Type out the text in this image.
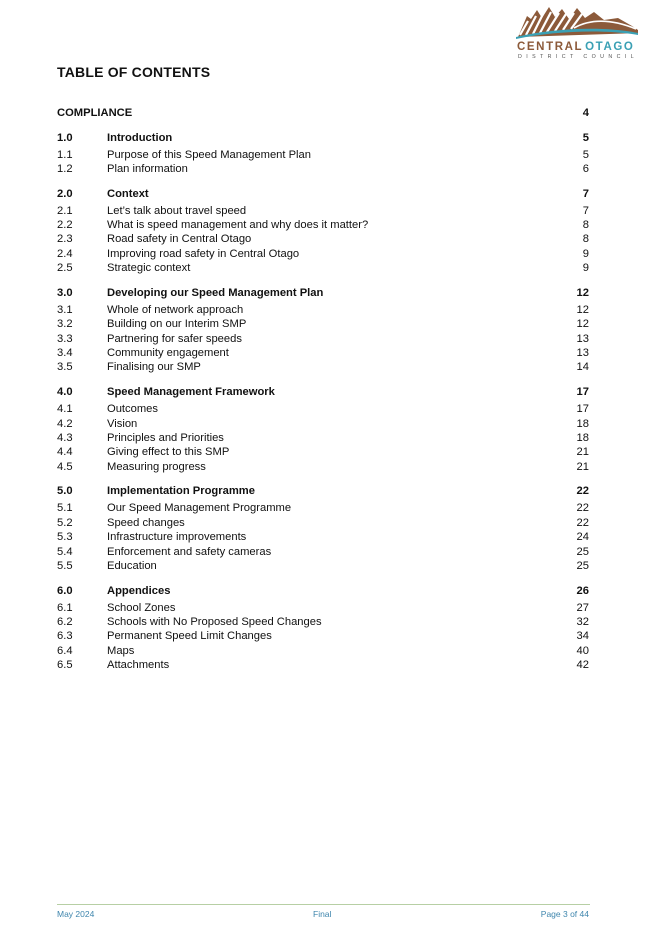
CENTRAL OTAGO
DISTRICT COUNCIL
TABLE OF CONTENTS
COMPLIANCE	4
1.0	Introduction	5
1.1	Purpose of this Speed Management Plan	5
1.2	Plan information	6
2.0	Context	7
2.1	Let’s talk about travel speed	7
2.2	What is speed management and why does it matter?	8
2.3	Road safety in Central Otago	8
2.4	Improving road safety in Central Otago	9
2.5	Strategic context	9
3.0	Developing our Speed Management Plan	12
3.1	Whole of network approach	12
3.2	Building on our Interim SMP	12
3.3	Partnering for safer speeds	13
3.4	Community engagement	13
3.5	Finalising our SMP	14
4.0	Speed Management Framework	17
4.1	Outcomes	17
4.2	Vision	18
4.3	Principles and Priorities	18
4.4	Giving effect to this SMP	21
4.5	Measuring progress	21
5.0	Implementation Programme	22
5.1	Our Speed Management Programme	22
5.2	Speed changes	22
5.3	Infrastructure improvements	24
5.4	Enforcement and safety cameras	25
5.5	Education	25
6.0	Appendices	26
6.1	School Zones	27
6.2	Schools with No Proposed Speed Changes	32
6.3	Permanent Speed Limit Changes	34
6.4	Maps	40
6.5	Attachments	42
May 2024	Final	Page 3 of 44
